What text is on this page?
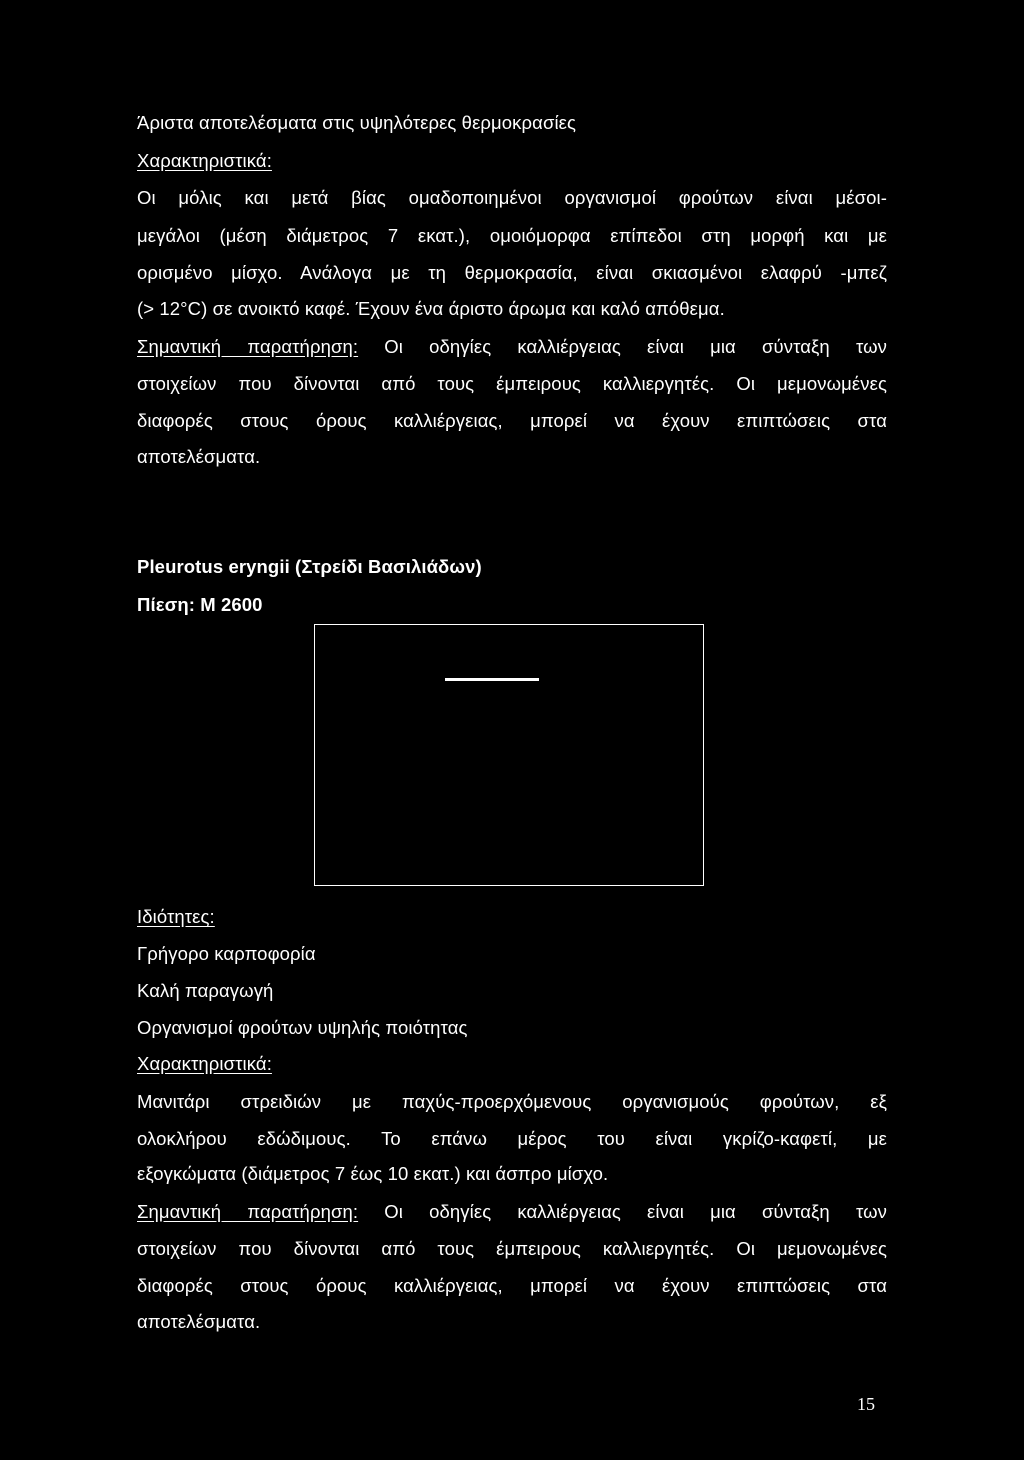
Άριστα αποτελέσματα στις υψηλότερες θερμοκρασίες
Χαρακτηριστικά:
Οι μόλις και μετά βίας ομαδοποιημένοι οργανισμοί φρούτων είναι μέσοι-
μεγάλοι (μέση διάμετρος 7 εκατ.), ομοιόμορφα επίπεδοι στη μορφή και με
ορισμένο μίσχο. Ανάλογα με τη θερμοκρασία, είναι σκιασμένοι ελαφρύ -μπεζ
(> 12°C) σε ανοικτό καφέ. Έχουν ένα άριστο άρωμα και καλό απόθεμα.
Σημαντική παρατήρηση: Οι οδηγίες καλλιέργειας είναι μια σύνταξη των
στοιχείων που δίνονται από τους έμπειρους καλλιεργητές. Οι μεμονωμένες
διαφορές στους όρους καλλιέργειας, μπορεί να έχουν επιπτώσεις στα
αποτελέσματα.
Pleurotus eryngii (Στρείδι Βασιλιάδων)
Πίεση: Μ 2600
Ιδιότητες:
Γρήγορο καρποφορία
Καλή παραγωγή
Οργανισμοί φρούτων υψηλής ποιότητας
Χαρακτηριστικά:
Μανιτάρι στρειδιών με παχύς-προερχόμενους οργανισμούς φρούτων, εξ
ολοκλήρου εδώδιμους. Το επάνω μέρος του είναι γκρίζο-καφετί, με
εξογκώματα (διάμετρος 7 έως 10 εκατ.) και άσπρο μίσχο.
Σημαντική παρατήρηση: Οι οδηγίες καλλιέργειας είναι μια σύνταξη των
στοιχείων που δίνονται από τους έμπειρους καλλιεργητές. Οι μεμονωμένες
διαφορές στους όρους καλλιέργειας, μπορεί να έχουν επιπτώσεις στα
αποτελέσματα.
15
